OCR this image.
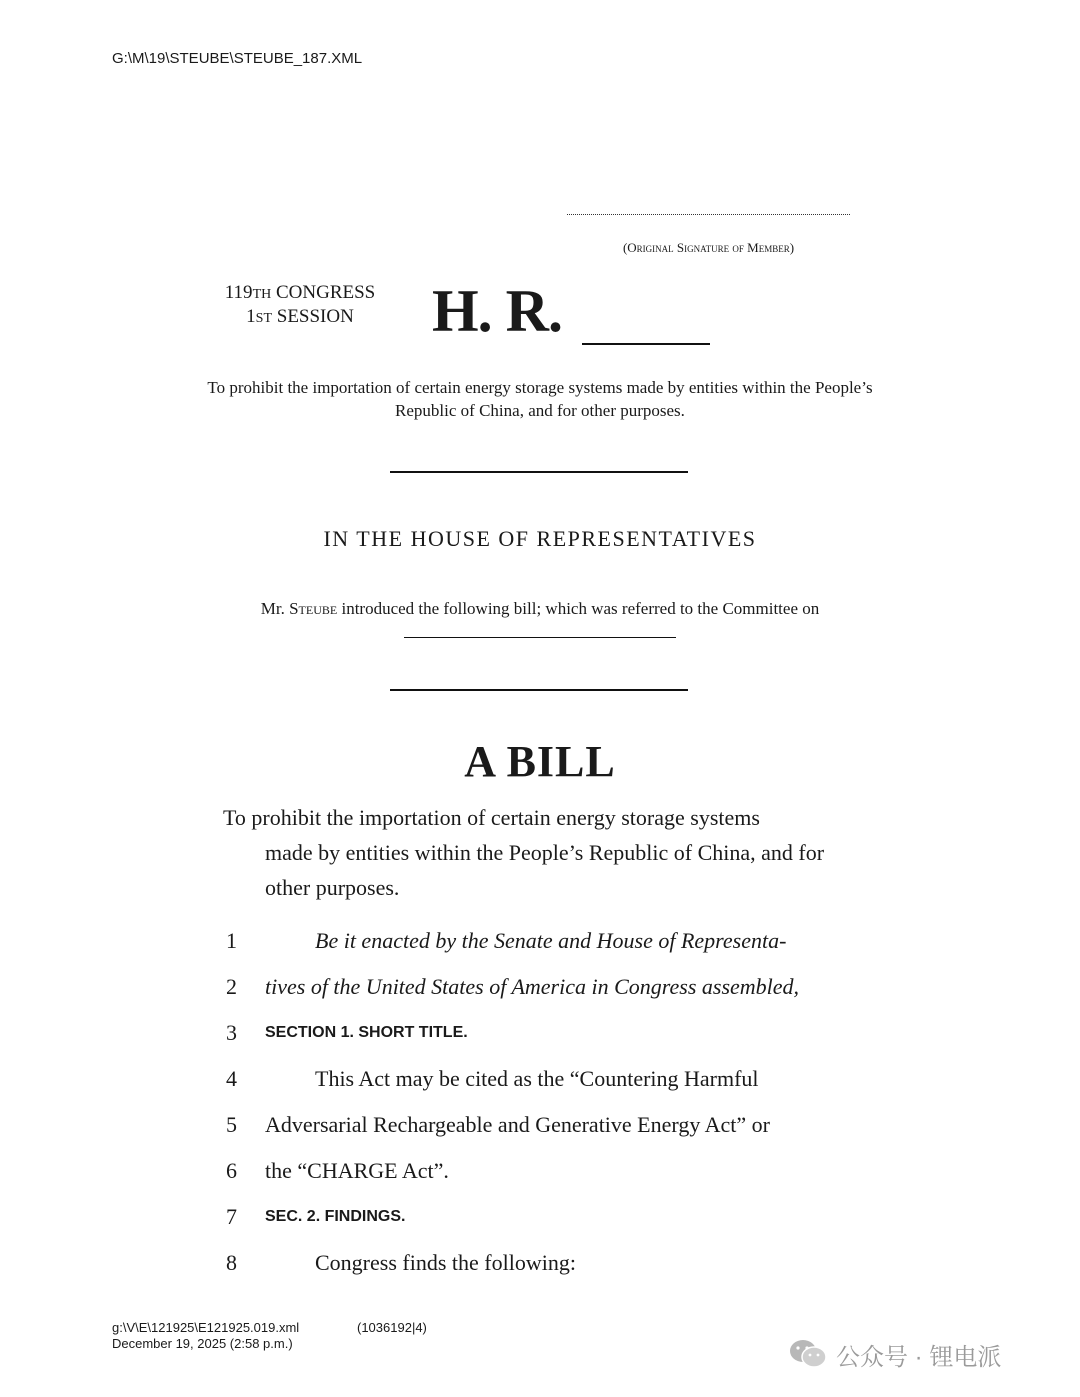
G:\M\19\STEUBE\STEUBE_187.XML
(Original Signature of Member)
119TH CONGRESS
1ST SESSION	H. R.
To prohibit the importation of certain energy storage systems made by entities within the People’s Republic of China, and for other purposes.
IN THE HOUSE OF REPRESENTATIVES
Mr. Steube introduced the following bill; which was referred to the Committee on
A BILL
To prohibit the importation of certain energy storage systems
made by entities within the People’s Republic of China, and for other purposes.
1	Be it enacted by the Senate and House of Representa-
2	tives of the United States of America in Congress assembled,
3	SECTION 1. SHORT TITLE.
4	This Act may be cited as the “Countering Harmful
5	Adversarial Rechargeable and Generative Energy Act” or
6	the “CHARGE Act”.
7	SEC. 2. FINDINGS.
8	Congress finds the following:
g:\V\E\121925\E121925.019.xml
December 19, 2025 (2:58 p.m.)
(1036192|4)
公众号 · 锂电派
